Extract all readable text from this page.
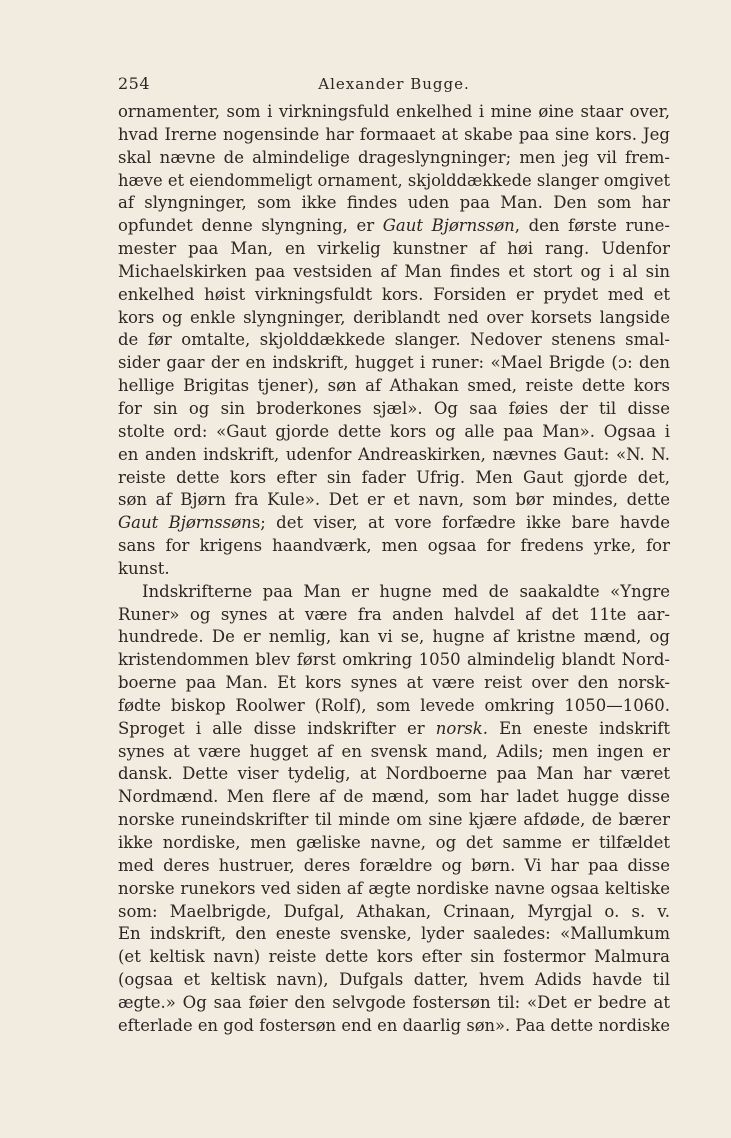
254	Alexander Bugge.
ornamenter, som i virkningsfuld enkelhed i mine øine staar over,
hvad Irerne nogensinde har formaaet at skabe paa sine kors. Jeg
skal nævne de almindelige drageslyngninger; men jeg vil frem-
hæve et eiendommeligt ornament, skjolddækkede slanger omgivet
af slyngninger, som ikke findes uden paa Man. Den som har
opfundet denne slyngning, er Gaut Bjørnssøn, den første rune-
mester paa Man, en virkelig kunstner af høi rang. Udenfor
Michaelskirken paa vestsiden af Man findes et stort og i al sin
enkelhed høist virkningsfuldt kors. Forsiden er prydet med et
kors og enkle slyngninger, deriblandt ned over korsets langside
de før omtalte, skjolddækkede slanger. Nedover stenens smal-
sider gaar der en indskrift, hugget i runer: «Mael Brigde (ɔ: den
hellige Brigitas tjener), søn af Athakan smed, reiste dette kors
for sin og sin broderkones sjæl». Og saa føies der til disse
stolte ord: «Gaut gjorde dette kors og alle paa Man». Ogsaa i
en anden indskrift, udenfor Andreaskirken, nævnes Gaut: «N. N.
reiste dette kors efter sin fader Ufrig. Men Gaut gjorde det,
søn af Bjørn fra Kule». Det er et navn, som bør mindes, dette
Gaut Bjørnssøns; det viser, at vore forfædre ikke bare havde
sans for krigens haandværk, men ogsaa for fredens yrke, for
kunst.
Indskrifterne paa Man er hugne med de saakaldte «Yngre
Runer» og synes at være fra anden halvdel af det 11te aar-
hundrede. De er nemlig, kan vi se, hugne af kristne mænd, og
kristendommen blev først omkring 1050 almindelig blandt Nord-
boerne paa Man. Et kors synes at være reist over den norsk-
fødte biskop Roolwer (Rolf), som levede omkring 1050—1060.
Sproget i alle disse indskrifter er norsk. En eneste indskrift
synes at være hugget af en svensk mand, Adils; men ingen er
dansk. Dette viser tydelig, at Nordboerne paa Man har været
Nordmænd. Men flere af de mænd, som har ladet hugge disse
norske runeindskrifter til minde om sine kjære afdøde, de bærer
ikke nordiske, men gæliske navne, og det samme er tilfældet
med deres hustruer, deres forældre og børn. Vi har paa disse
norske runekors ved siden af ægte nordiske navne ogsaa keltiske
som: Maelbrigde, Dufgal, Athakan, Crinaan, Myrgjal o. s. v.
En indskrift, den eneste svenske, lyder saaledes: «Mallumkum
(et keltisk navn) reiste dette kors efter sin fostermor Malmura
(ogsaa et keltisk navn), Dufgals datter, hvem Adids havde til
ægte.» Og saa føier den selvgode fostersøn til: «Det er bedre at
efterlade en god fostersøn end en daarlig søn». Paa dette nordiske
